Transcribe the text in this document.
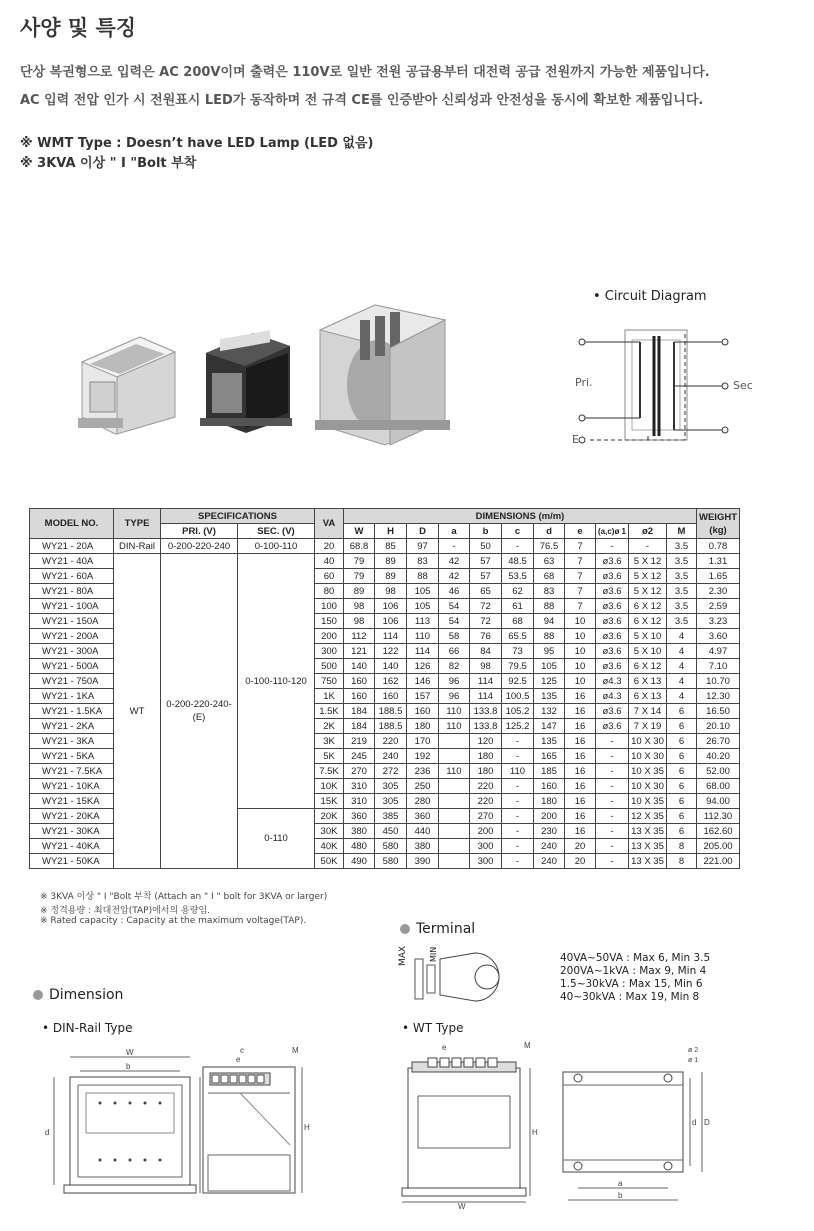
사양 및 특징

단상 복권형으로 입력은 AC 200V이며 출력은 110V로 일반 전원 공급용부터 대전력 공급 전원까지 가능한 제품입니다.

AC 입력 전압 인가 시 전원표시 LED가 동작하며 전 규격 CE를 인증받아 신뢰성과 안전성을 동시에 확보한 제품입니다.

※ WMT Type : Doesn’t have LED Lamp (LED 없음)
※ 3KVA 이상 " I "Bolt 부착
• Circuit Diagram
Pri.	Sec
E
MODEL NO.	TYPE	SPECIFICATIONS		VA	DIMENSIONS (m/m)											WEIGHT
(kg)
		PRI. (V)	SEC. (V)		W	H	D	a	b	c	d	e	(a,c)ø 1	ø2	M	
WY21 - 20A	DIN-Rail	0-200-220-240	0-100-110	20	68.8	85	97	-	50	-	76.5	7	-	-	3.5	0.78
WY21 - 40A	WT	0-200-220-240-(E)	0-100-110-120	40	79	89	83	42	57	48.5	63	7	ø3.6	5 X 12	3.5	1.31
WY21 - 60A				60	79	89	88	42	57	53.5	68	7	ø3.6	5 X 12	3.5	1.65
WY21 - 80A				80	89	98	105	46	65	62	83	7	ø3.6	5 X 12	3.5	2.30
WY21 - 100A				100	98	106	105	54	72	61	88	7	ø3.6	6 X 12	3.5	2.59
WY21 - 150A				150	98	106	113	54	72	68	94	10	ø3.6	6 X 12	3.5	3.23
WY21 - 200A				200	112	114	110	58	76	65.5	88	10	ø3.6	5 X 10	4	3.60
WY21 - 300A				300	121	122	114	66	84	73	95	10	ø3.6	5 X 10	4	4.97
WY21 - 500A				500	140	140	126	82	98	79.5	105	10	ø3.6	6 X 12	4	7.10
WY21 - 750A				750	160	162	146	96	114	92.5	125	10	ø4.3	6 X 13	4	10.70
WY21 - 1KA				1K	160	160	157	96	114	100.5	135	16	ø4.3	6 X 13	4	12.30
WY21 - 1.5KA				1.5K	184	188.5	160	110	133.8	105.2	132	16	ø3.6	7 X 14	6	16.50
WY21 - 2KA				2K	184	188.5	180	110	133.8	125.2	147	16	ø3.6	7 X 19	6	20.10
WY21 - 3KA				3K	219	220	170		120	-	135	16	-	10 X 30	6	26.70
WY21 - 5KA				5K	245	240	192		180	-	165	16	-	10 X 30	6	40.20
WY21 - 7.5KA				7.5K	270	272	236	110	180	110	185	16	-	10 X 35	6	52.00
WY21 - 10KA				10K	310	305	250		220	-	160	16	-	10 X 30	6	68.00
WY21 - 15KA				15K	310	305	280		220	-	180	16	-	10 X 35	6	94.00
WY21 - 20KA			0-110	20K	360	385	360		270	-	200	16	-	12 X 35	6	112.30
WY21 - 30KA				30K	380	450	440		200	-	230	16	-	13 X 35	6	162.60
WY21 - 40KA				40K	480	580	380		300	-	240	20	-	13 X 35	8	205.00
WY21 - 50KA				50K	490	580	390		300	-	240	20	-	13 X 35	8	221.00
※ 3KVA 이상 " I "Bolt 부착 (Attach an " I " bolt for 3KVA or larger)
※ 정격용량 : 최대전압(TAP)에서의 용량임.
※ Rated capacity : Capacity at the maximum voltage(TAP).	Terminal
MAX	MIN	40VA~50VA : Max 6, Min 3.5
200VA~1kVA : Max 9, Min 4
1.5~30kVA : Max 15, Min 6
40~30kVA : Max 19, Min 8
Dimension
• DIN-Rail Type	• WT Type
W
b
d
c
e
M
H
e	M
W
H
a
b
ø 2
ø 1
d D
